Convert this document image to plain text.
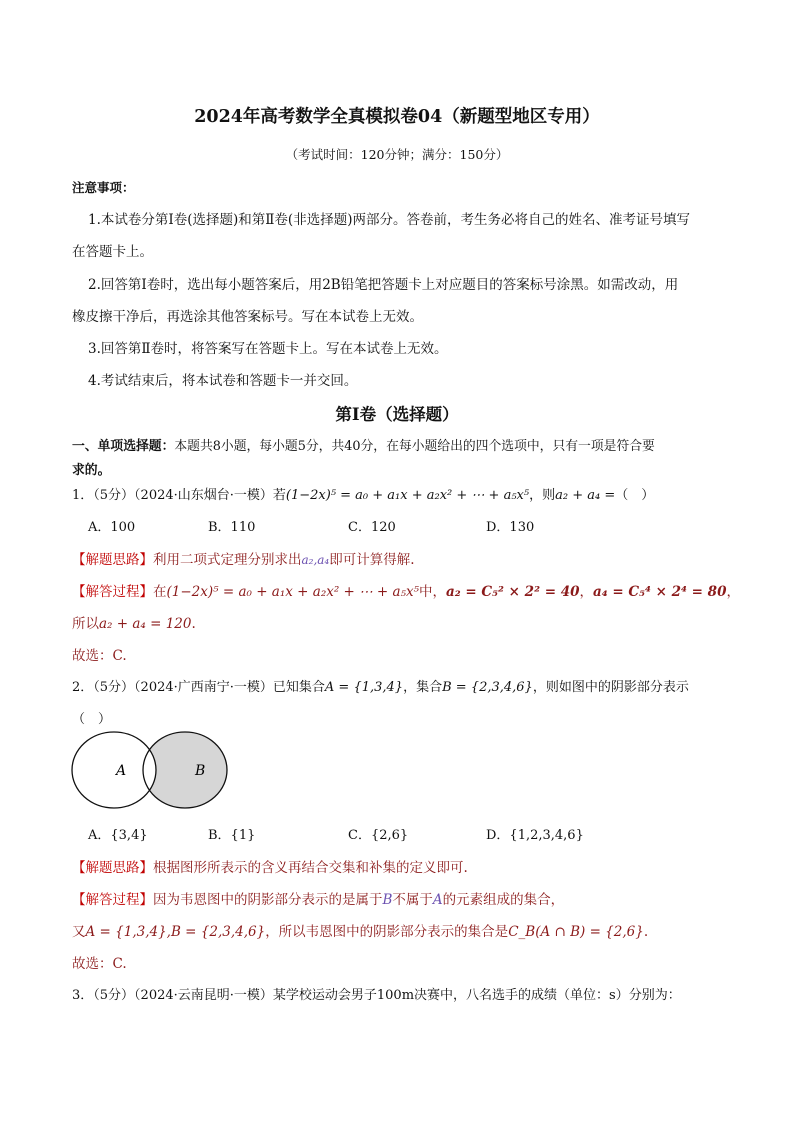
2024年高考数学全真模拟卷04（新题型地区专用）
（考试时间：120分钟；满分：150分）
注意事项：
1.本试卷分第Ⅰ卷(选择题)和第Ⅱ卷(非选择题)两部分。答卷前，考生务必将自己的姓名、准考证号填写
在答题卡上。
2.回答第Ⅰ卷时，选出每小题答案后，用2B铅笔把答题卡上对应题目的答案标号涂黑。如需改动，用
橡皮擦干净后，再选涂其他答案标号。写在本试卷上无效。
3.回答第Ⅱ卷时，将答案写在答题卡上。写在本试卷上无效。
4.考试结束后，将本试卷和答题卡一并交回。
第Ⅰ卷（选择题）
一、单项选择题：本题共8小题，每小题5分，共40分，在每小题给出的四个选项中，只有一项是符合要
求的。
1．（5分）（2024·山东烟台·一模）若(1−2x)⁵ = a₀ + a₁x + a₂x² + ⋯ + a₅x⁵，则a₂ + a₄ =（　）
A．100	B．110	C．120	D．130
【解题思路】利用二项式定理分别求出a₂,a₄即可计算得解.
【解答过程】在(1−2x)⁵ = a₀ + a₁x + a₂x² + ⋯ + a₅x⁵中，a₂ = C₅² × 2² = 40，a₄ = C₅⁴ × 2⁴ = 80，
所以a₂ + a₄ = 120.
故选：C.
2．（5分）（2024·广西南宁·一模）已知集合A = {1,3,4}，集合B = {2,3,4,6}，则如图中的阴影部分表示
（　）
A	B
A．{3,4}	B．{1}	C．{2,6}	D．{1,2,3,4,6}
【解题思路】根据图形所表示的含义再结合交集和补集的定义即可.
【解答过程】因为韦恩图中的阴影部分表示的是属于B不属于A的元素组成的集合，
又A = {1,3,4},B = {2,3,4,6}，所以韦恩图中的阴影部分表示的集合是C_B(A ∩ B) = {2,6}.
故选：C.
3．（5分）（2024·云南昆明·一模）某学校运动会男子100m决赛中，八名选手的成绩（单位：s）分别为：
